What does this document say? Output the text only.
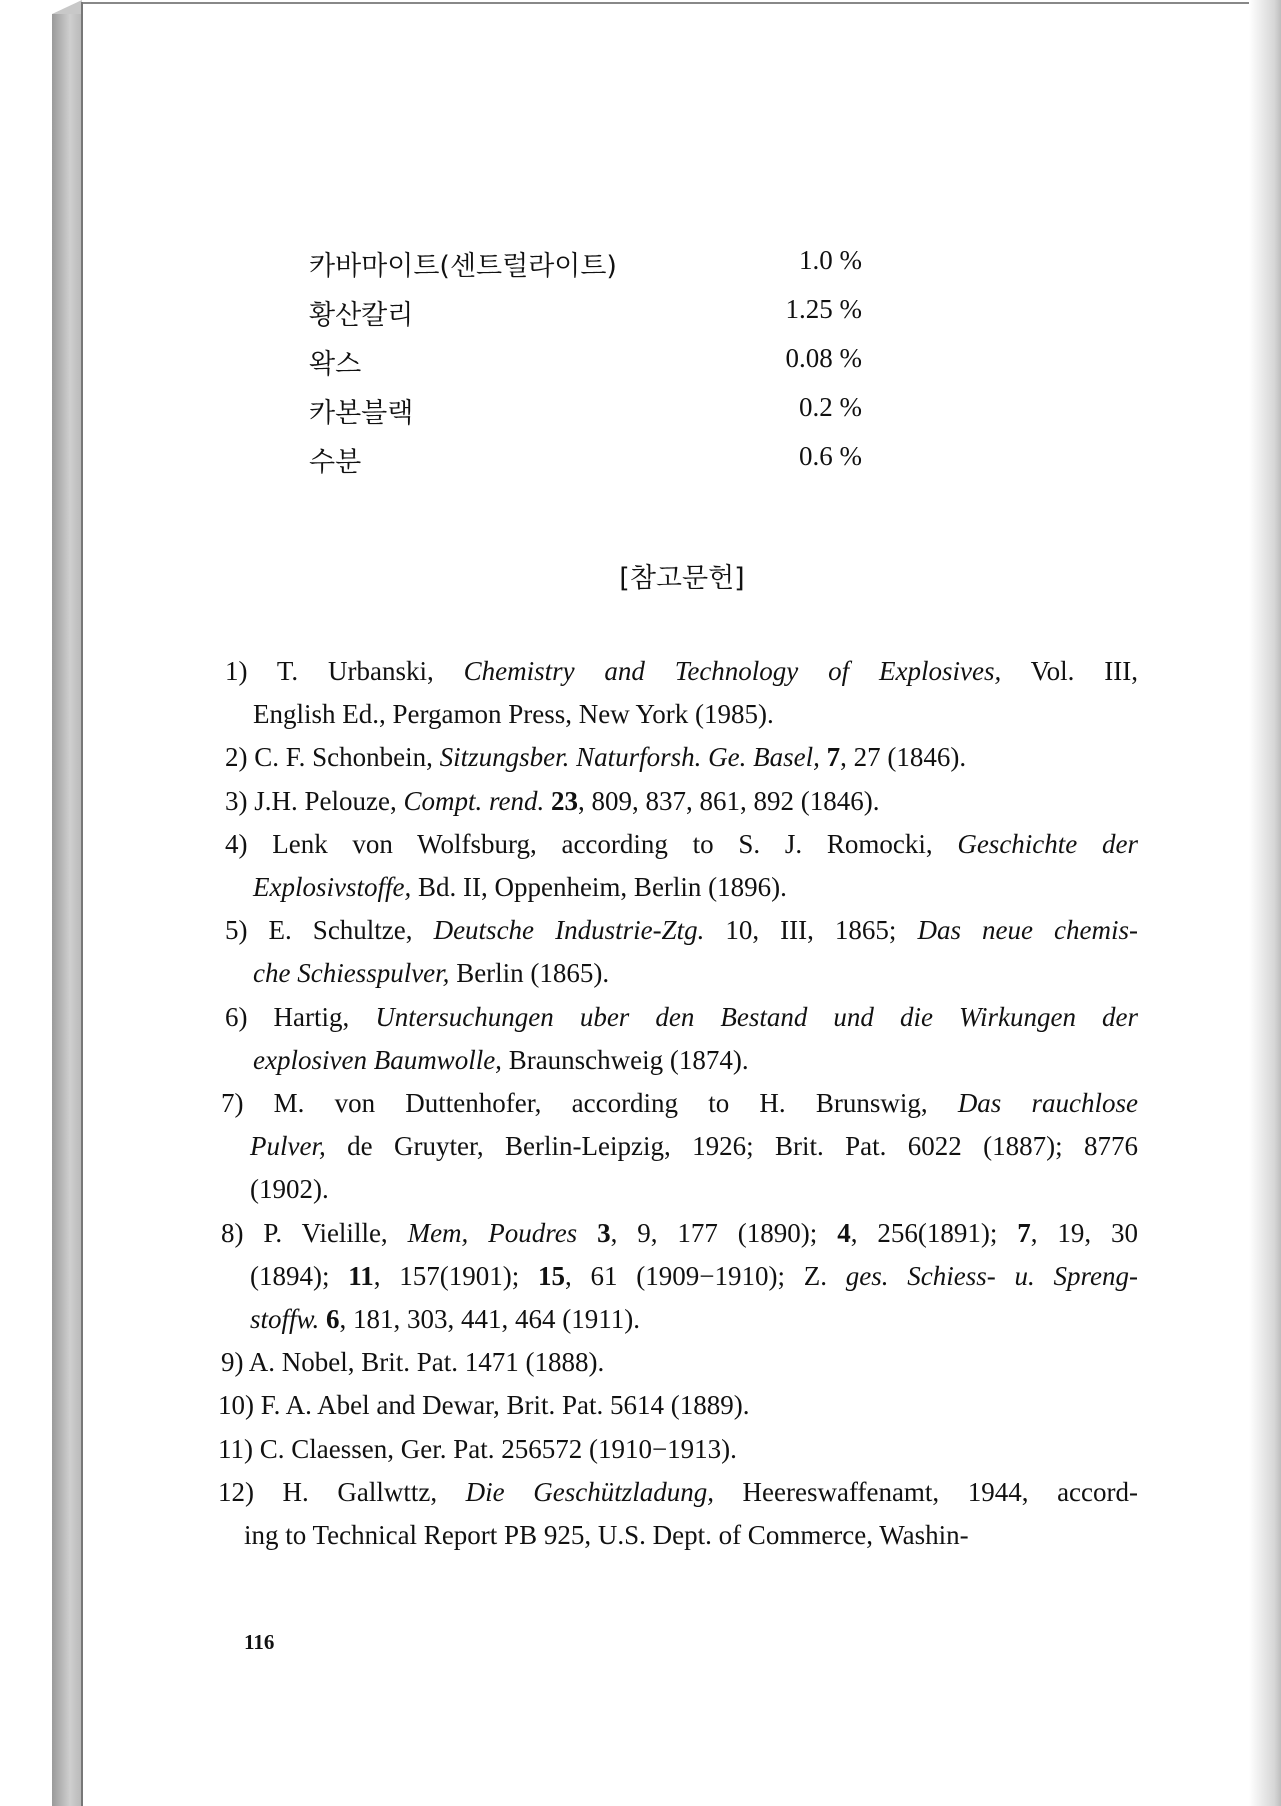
카바마이트(센트럴라이트)	1.0 %
황산칼리	1.25 %
왁스	0.08 %
카본블랙	0.2 %
수분	0.6 %
[참고문헌]
1) T. Urbanski, Chemistry and Technology of Explosives, Vol. III,
English Ed., Pergamon Press, New York (1985).
2) C. F. Schonbein, Sitzungsber. Naturforsh. Ge. Basel, 7, 27 (1846).
3) J.H. Pelouze, Compt. rend. 23, 809, 837, 861, 892 (1846).
4) Lenk von Wolfsburg, according to S. J. Romocki, Geschichte der
Explosivstoffe, Bd. II, Oppenheim, Berlin (1896).
5) E. Schultze, Deutsche Industrie-Ztg. 10, III, 1865; Das neue chemis-
che Schiesspulver, Berlin (1865).
6) Hartig, Untersuchungen uber den Bestand und die Wirkungen der
explosiven Baumwolle, Braunschweig (1874).
7) M. von Duttenhofer, according to H. Brunswig, Das rauchlose
Pulver, de Gruyter, Berlin-Leipzig, 1926; Brit. Pat. 6022 (1887); 8776
(1902).
8) P. Vielille, Mem, Poudres 3, 9, 177 (1890); 4, 256(1891); 7, 19, 30
(1894); 11, 157(1901); 15, 61 (1909−1910); Z. ges. Schiess- u. Spreng-
stoffw. 6, 181, 303, 441, 464 (1911).
9) A. Nobel, Brit. Pat. 1471 (1888).
10) F. A. Abel and Dewar, Brit. Pat. 5614 (1889).
11) C. Claessen, Ger. Pat. 256572 (1910−1913).
12) H. Gallwttz, Die Geschützladung, Heereswaffenamt, 1944, accord-
ing to Technical Report PB 925, U.S. Dept. of Commerce, Washin-
116
